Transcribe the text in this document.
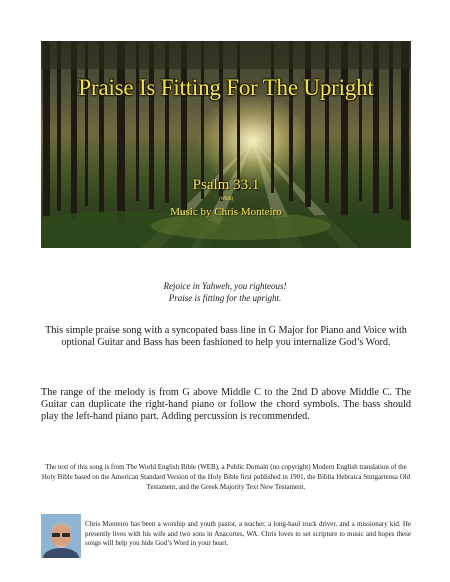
Praise Is Fitting For The Upright
Psalm 33.1
(WEB)
Music by Chris Monteiro
Rejoice in Yahweh, you righteous!
Praise is fitting for the upright.
This simple praise song with a syncopated bass line in G Major for Piano and Voice with optional Guitar and Bass has been fashioned to help you internalize God’s Word.
The range of the melody is from G above Middle C to the 2nd D above Middle C. The Guitar can duplicate the right-hand piano or follow the chord symbols. The bass should play the left-hand piano part. Adding percussion is recommended.
The text of this song is from The World English Bible (WEB), a Public Domain (no copyright) Modern English translation of the Holy Bible based on the American Standard Version of the Holy Bible first published in 1901, the Biblia Hebraica Stutgartensa Old Testament, and the Greek Majority Text New Testament.
Chris Monteiro has been a worship and youth pastor, a teacher, a long-haul truck driver, and a missionary kid. He presently lives with his wife and two sons in Anacortes, WA. Chris loves to set scripture to music and hopes these songs will help you hide God’s Word in your heart.
